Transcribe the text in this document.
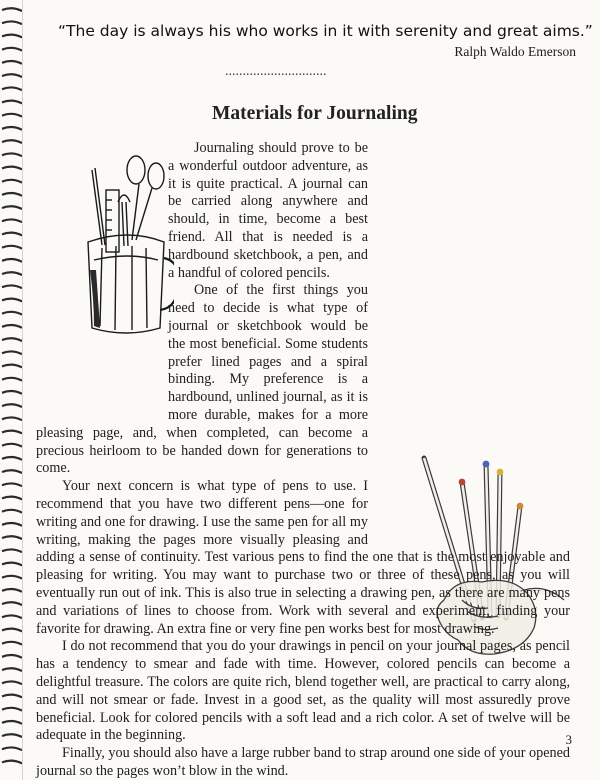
“The day is always his who works in it with serenity and great aims.”
Ralph Waldo Emerson
.............................
Materials for Journaling

Journaling should prove to be a wonderful outdoor adventure, as it is quite practical. A journal can be carried along anywhere and should, in time, become a best friend. All that is needed is a hardbound sketchbook, a pen, and a handful of colored pencils.

One of the first things you need to decide is what type of journal or sketchbook would be the most beneficial. Some students prefer lined pages and a spiral binding. My preference is a hardbound, unlined journal, as it is more durable, makes for a more pleasing page, and, when completed, can become a precious heirloom to be handed down for generations to come.

Your next concern is what type of pens to use. I recommend that you have two different pens—one for writing and one for drawing. I use the same pen for all my writing, making the pages more visually pleasing and adding a sense of continuity. Test various pens to find the one that is the most enjoyable and pleasing for writing. You may want to purchase two or three of these pens, as you will eventually run out of ink. This is also true in selecting a drawing pen, as there are many pens and variations of lines to choose from. Work with several and experiment, finding your favorite for drawing. An extra fine or very fine pen works best for most drawing.

I do not recommend that you do your drawings in pencil on your journal pages, as pencil has a tendency to smear and fade with time. However, colored pencils can become a delightful treasure. The colors are quite rich, blend together well, are practical to carry along, and will not smear or fade. Invest in a good set, as the quality will most assuredly prove beneficial. Look for colored pencils with a soft lead and a rich color. A set of twelve will be adequate in the beginning.

Finally, you should also have a large rubber band to strap around one side of your opened journal so the pages won’t blow in the wind.

3
